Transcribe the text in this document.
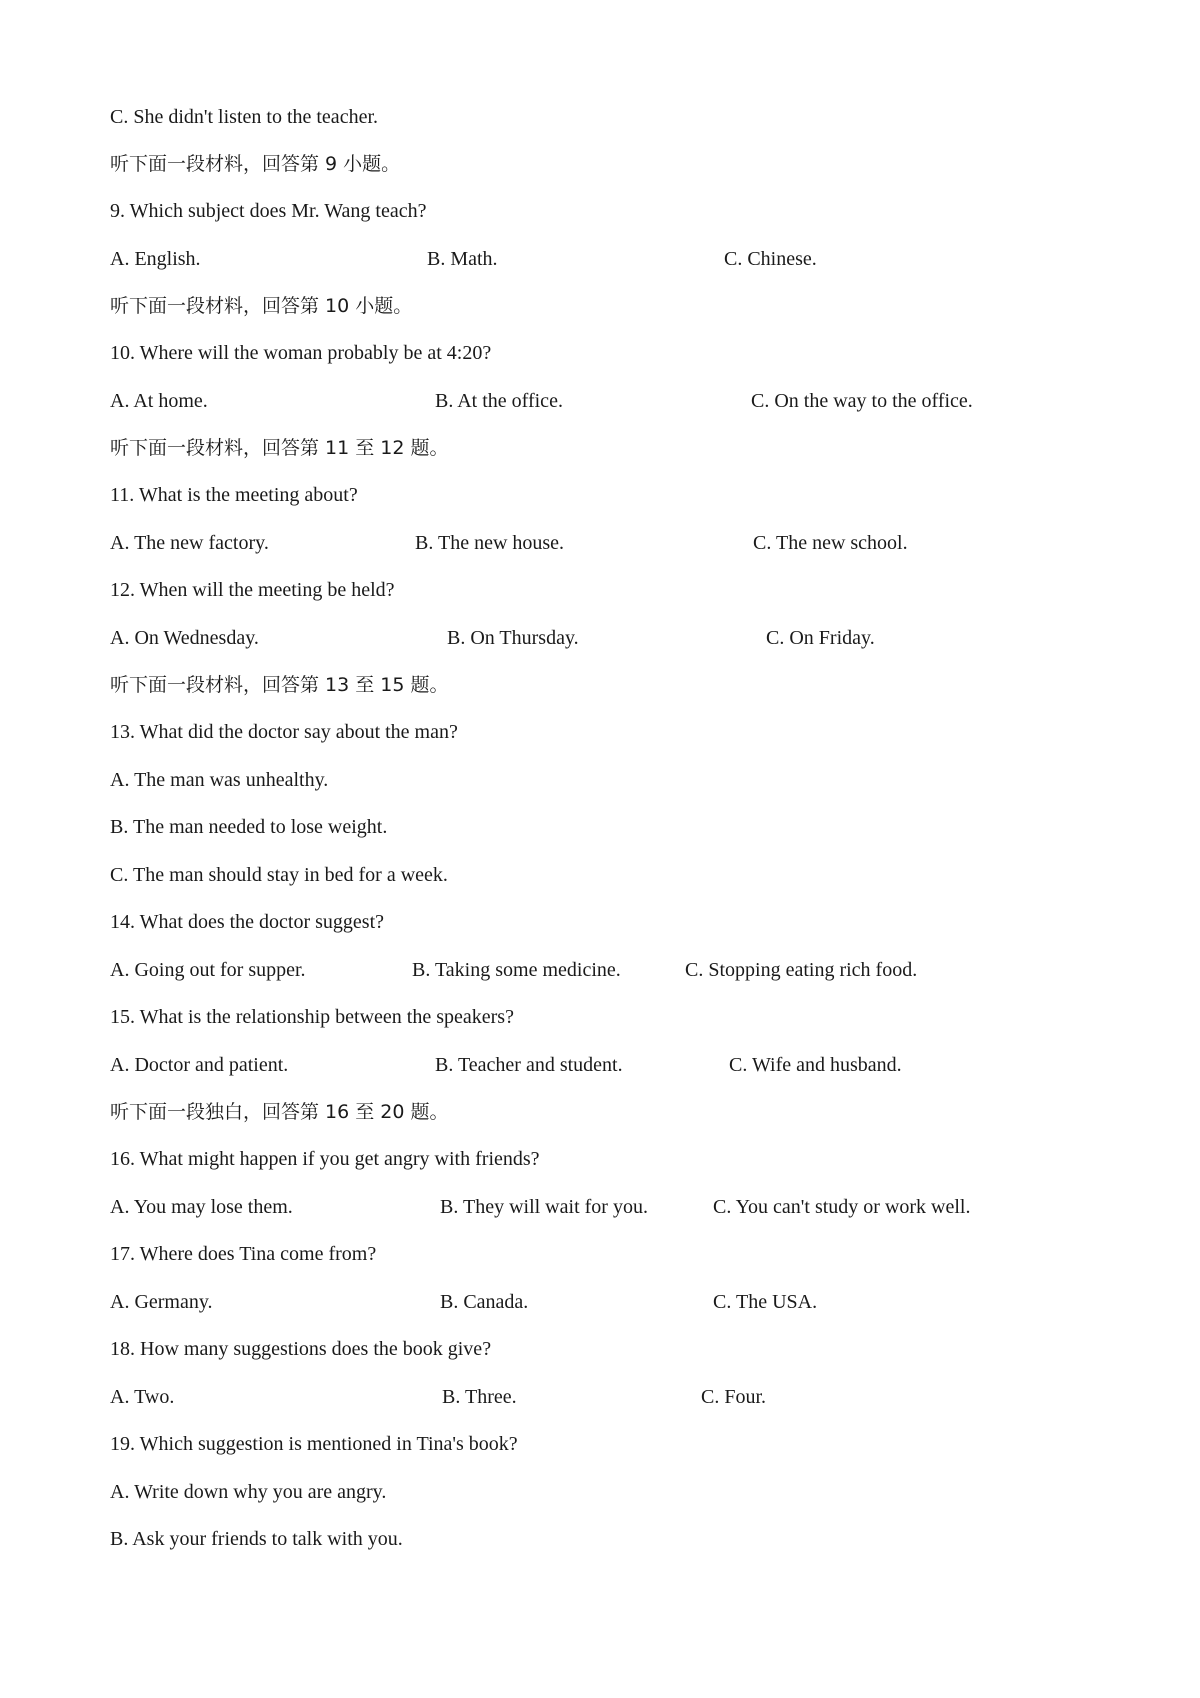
C. She didn't listen to the teacher.
听下面一段材料，回答第 9 小题。
9. Which subject does Mr. Wang teach?
A. English.	B. Math.	C. Chinese.
听下面一段材料，回答第 10 小题。
10. Where will the woman probably be at 4:20?
A. At home.	B. At the office.	C. On the way to the office.
听下面一段材料，回答第 11 至 12 题。
11. What is the meeting about?
A. The new factory.	B. The new house.	C. The new school.
12. When will the meeting be held?
A. On Wednesday.	B. On Thursday.	C. On Friday.
听下面一段材料，回答第 13 至 15 题。
13. What did the doctor say about the man?
A. The man was unhealthy.
B. The man needed to lose weight.
C. The man should stay in bed for a week.
14. What does the doctor suggest?
A. Going out for supper.	B. Taking some medicine.	C. Stopping eating rich food.
15. What is the relationship between the speakers?
A. Doctor and patient.	B. Teacher and student.	C. Wife and husband.
听下面一段独白，回答第 16 至 20 题。
16. What might happen if you get angry with friends?
A. You may lose them.	B. They will wait for you.	C. You can't study or work well.
17. Where does Tina come from?
A. Germany.	B. Canada.	C. The USA.
18. How many suggestions does the book give?
A. Two.	B. Three.	C. Four.
19. Which suggestion is mentioned in Tina's book?
A. Write down why you are angry.
B. Ask your friends to talk with you.
